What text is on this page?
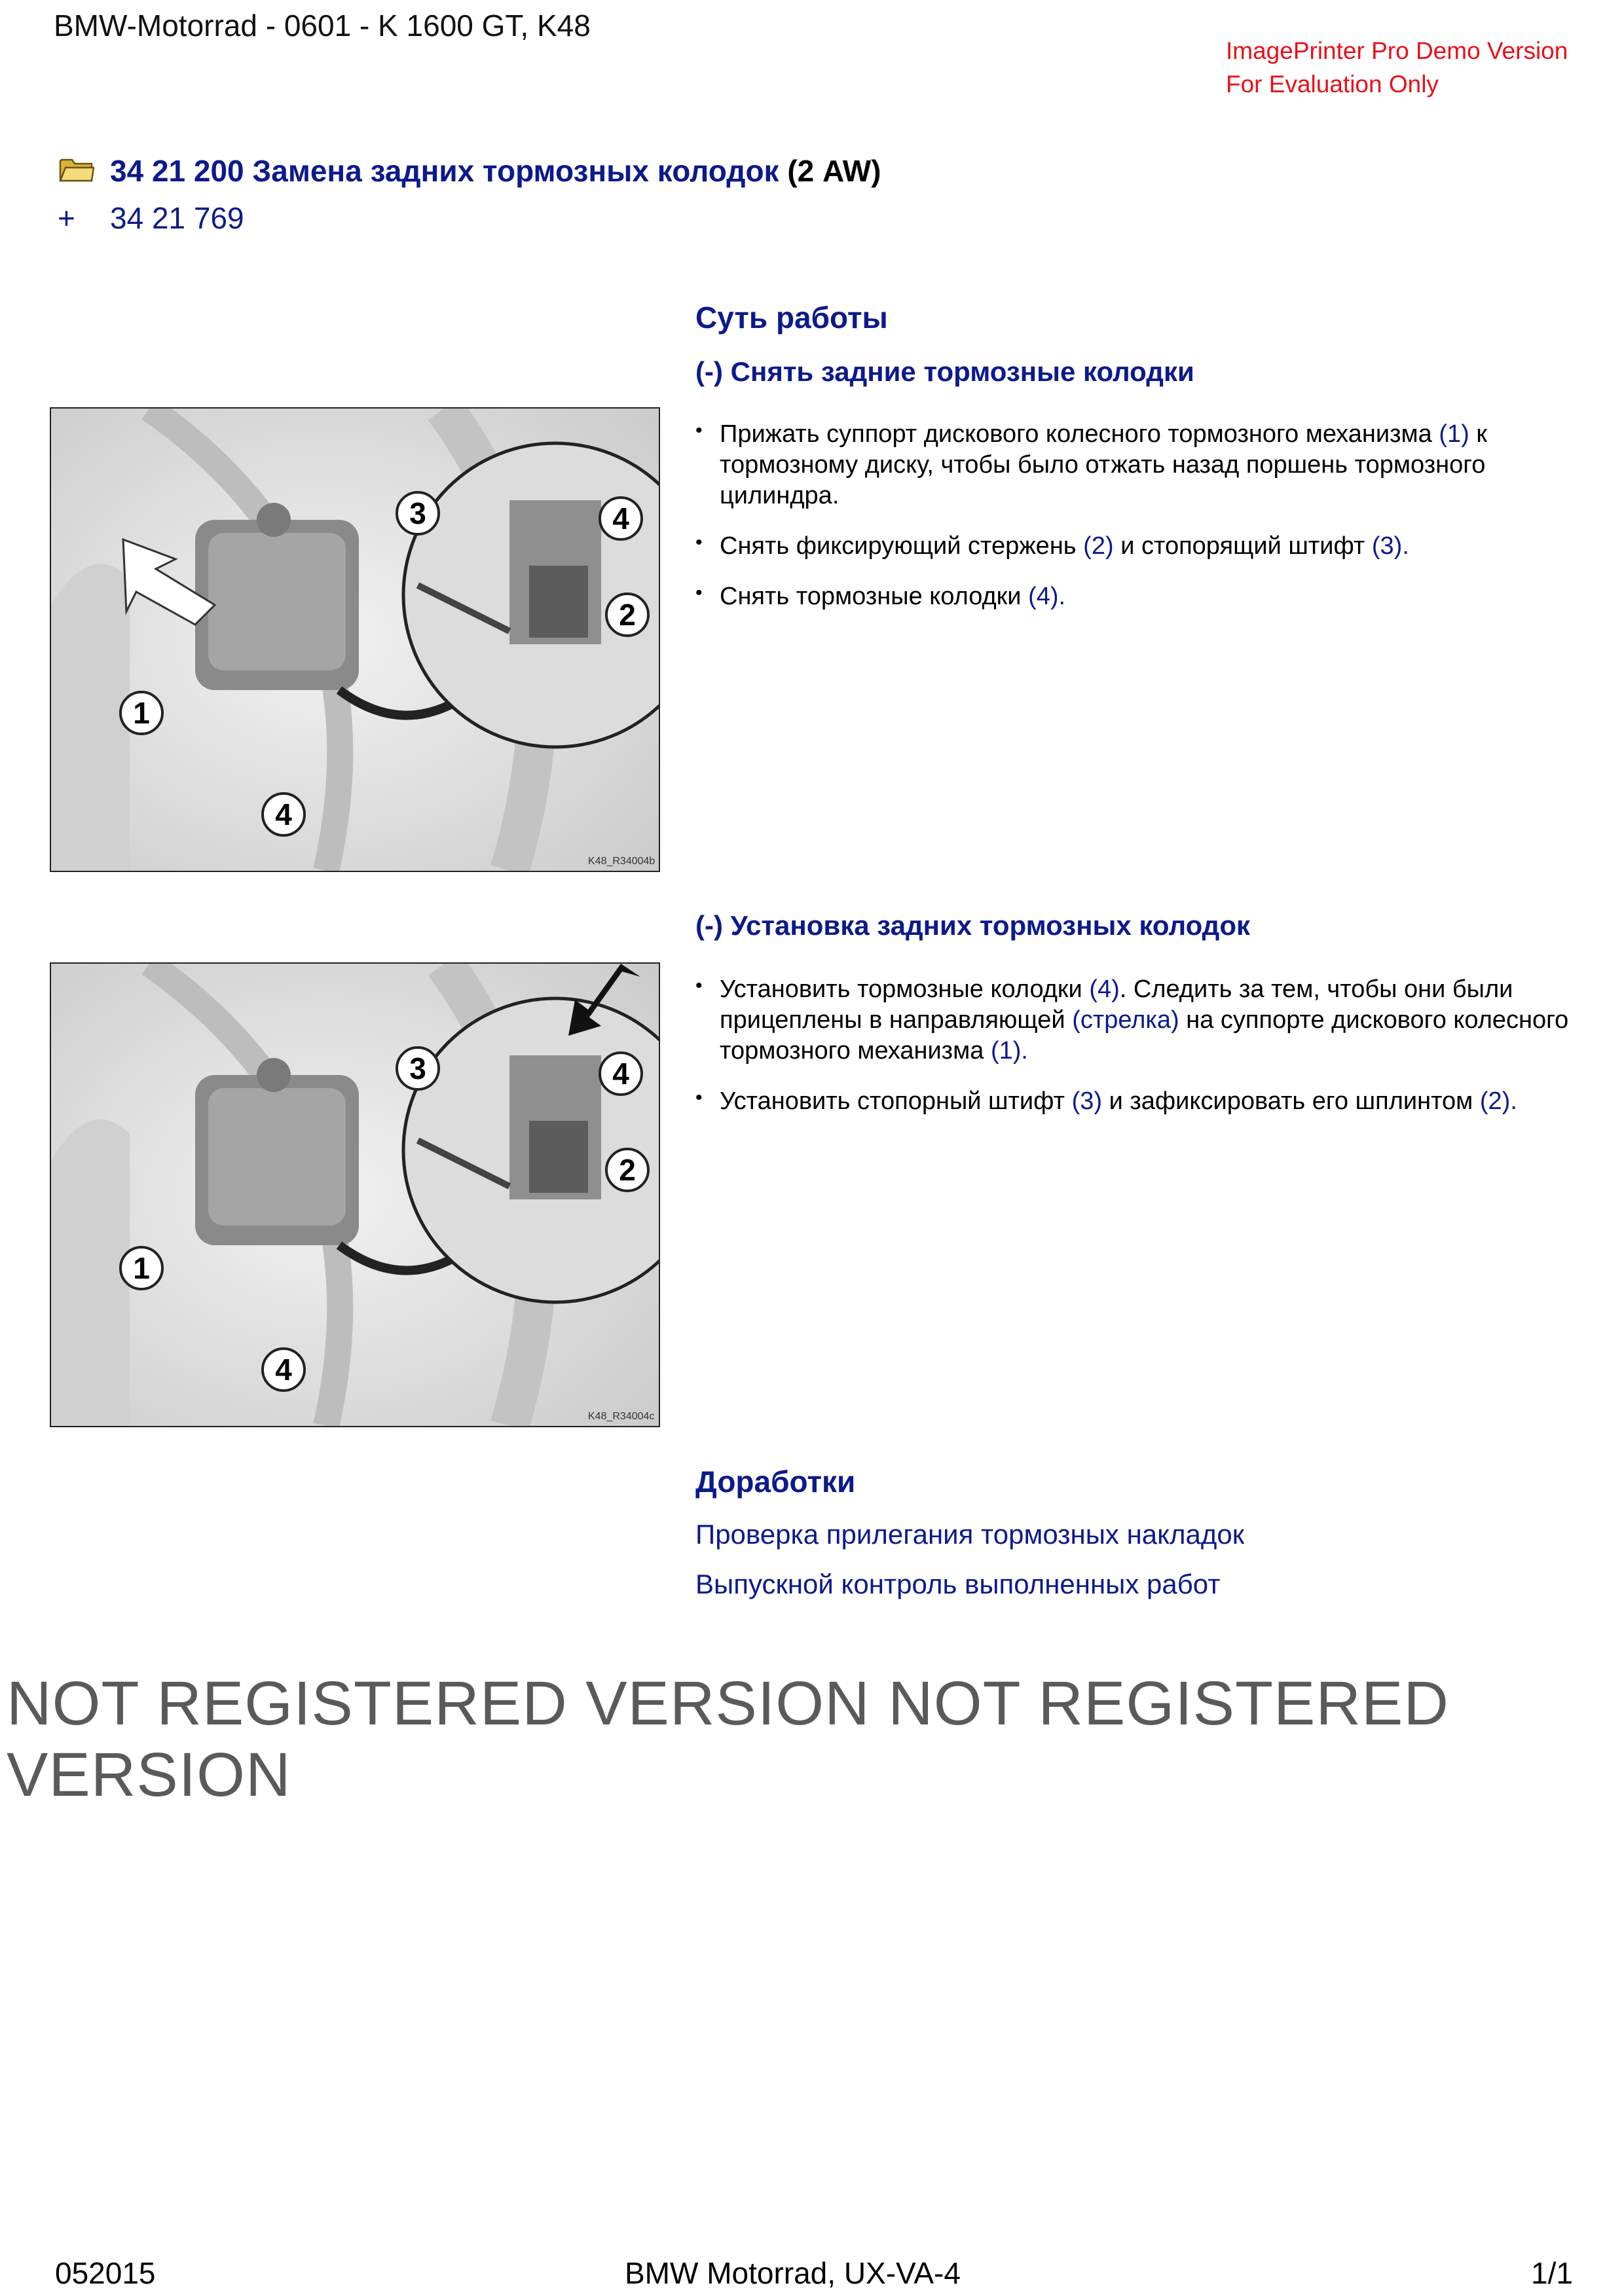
BMW-Motorrad - 0601 - K 1600 GT, K48
ImagePrinter Pro Demo Version
For Evaluation Only
34 21 200 Замена задних тормозных колодок (2 AW)
+ 34 21 769
Суть работы
(-) Снять задние тормозные колодки
1
2
3	4
4
K48_R34004b
• Прижать суппорт дискового колесного тормозного механизма (1) к тормозному диску, чтобы было отжать назад поршень тормозного цилиндра.
• Снять фиксирующий стержень (2) и стопорящий штифт (3).
• Снять тормозные колодки (4).
(-) Установка задних тормозных колодок
1
2
3	4
4
K48_R34004c
• Установить тормозные колодки (4). Следить за тем, чтобы они были прицеплены в направляющей (стрелка) на суппорте дискового колесного тормозного механизма (1).
• Установить стопорный штифт (3) и зафиксировать его шплинтом (2).
Доработки
Проверка прилегания тормозных накладок
Выпускной контроль выполненных работ
NOT REGISTERED VERSION NOT REGISTERED VERSION
052015	BMW Motorrad, UX-VA-4	1/1
